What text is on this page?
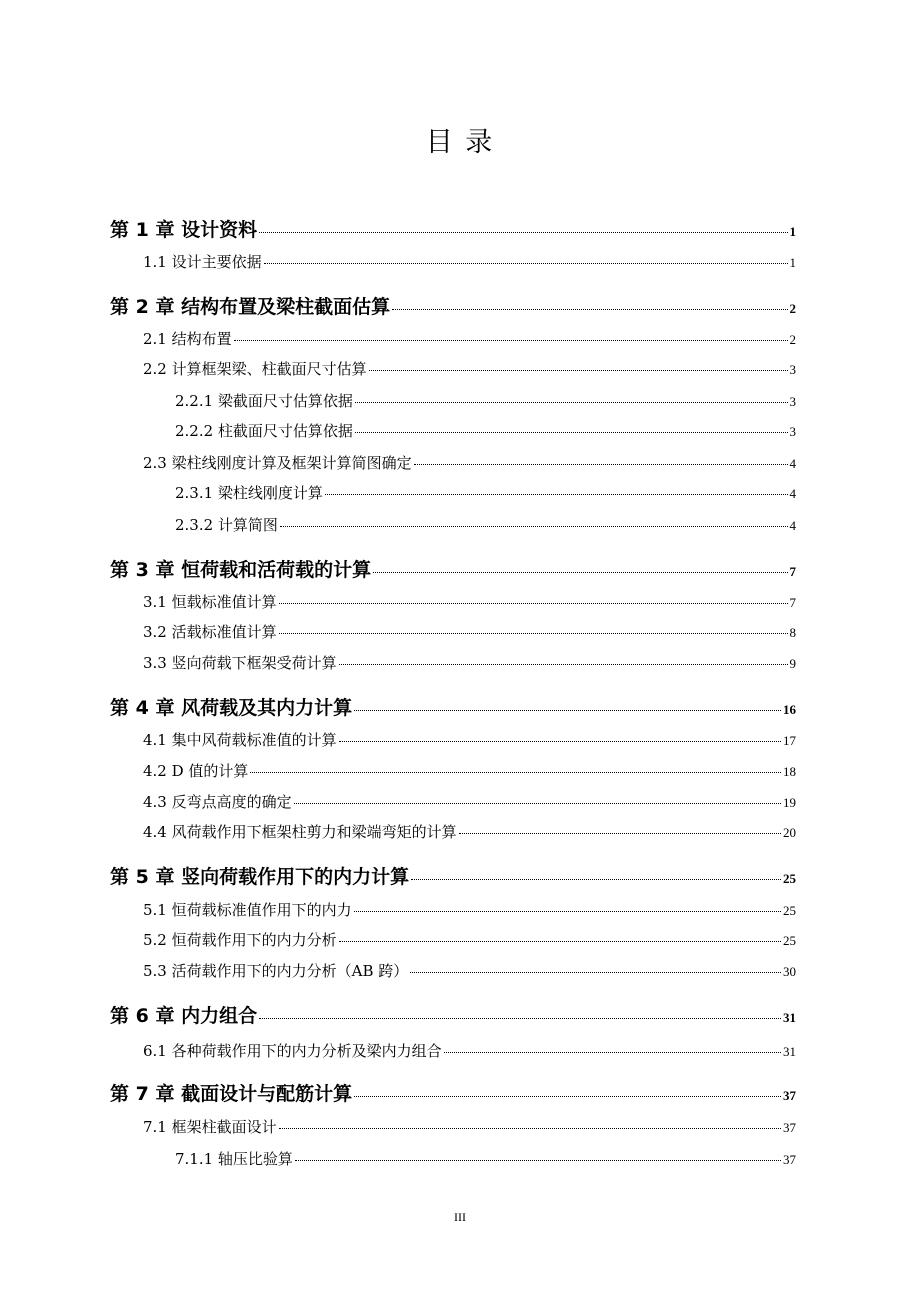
目 录
第 1 章 设计资料	1
1.1 设计主要依据	1
第 2 章 结构布置及梁柱截面估算	2
2.1 结构布置	2
2.2 计算框架梁、柱截面尺寸估算	3
2.2.1 梁截面尺寸估算依据	3
2.2.2 柱截面尺寸估算依据	3
2.3 梁柱线刚度计算及框架计算简图确定	4
2.3.1 梁柱线刚度计算	4
2.3.2 计算简图	4
第 3 章 恒荷载和活荷载的计算	7
3.1 恒载标准值计算	7
3.2 活载标准值计算	8
3.3 竖向荷载下框架受荷计算	9
第 4 章 风荷载及其内力计算	16
4.1 集中风荷载标准值的计算	17
4.2 D 值的计算	18
4.3 反弯点高度的确定	19
4.4 风荷载作用下框架柱剪力和梁端弯矩的计算	20
第 5 章 竖向荷载作用下的内力计算	25
5.1 恒荷载标准值作用下的内力	25
5.2 恒荷载作用下的内力分析	25
5.3 活荷载作用下的内力分析（AB 跨）	30
第 6 章 内力组合	31
6.1 各种荷载作用下的内力分析及梁内力组合	31
第 7 章 截面设计与配筋计算	37
7.1 框架柱截面设计	37
7.1.1 轴压比验算	37
III
